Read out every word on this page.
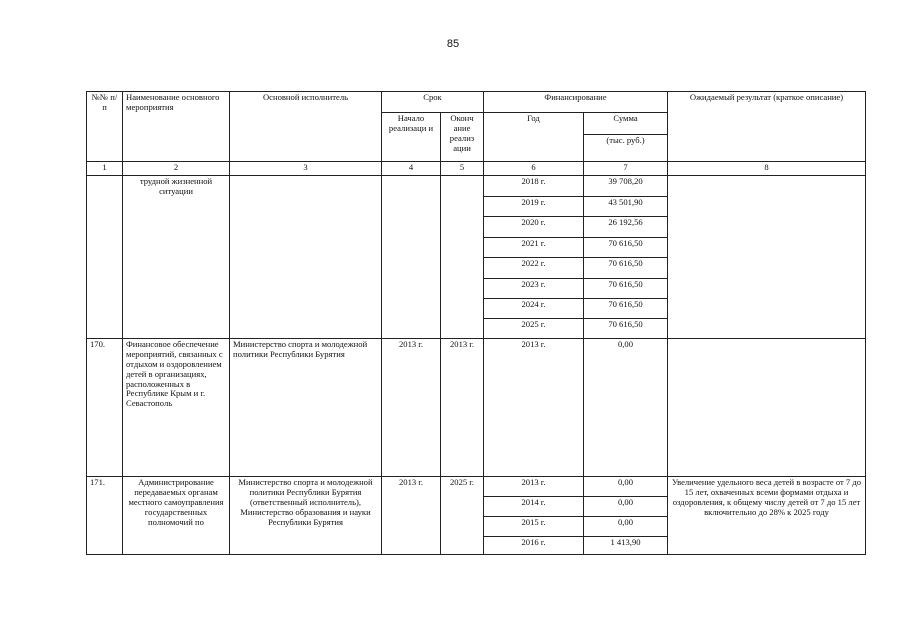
85
№№ п/п	Наименование основного мероприятия	Основной исполнитель	Срок		Финансирование		Ожидаемый результат (краткое описание)
			Начало реализаци и	Оконч ание реализ ации	Год	Сумма	
						(тыс. руб.)	
1	2	3	4	5	6	7	8
	трудной жизненной ситуации				2018 г.	39 708,20	
					2019 г.	43 501,90	
					2020 г.	26 192,56	
					2021 г.	70 616,50	
					2022 г.	70 616,50	
					2023 г.	70 616,50	
					2024 г.	70 616,50	
					2025 г.	70 616,50	
170.	Финансовое обеспечение мероприятий, связанных с отдыхом и оздоровлением детей в организациях, расположенных в Республике Крым и г. Севастополь	Министерство спорта и молодежной политики Республики Бурятия	2013 г.	2013 г.	2013 г.	0,00	
171.	Администрирование передаваемых органам местного самоуправления государственных полномочий по	Министерство спорта и молодежной политики Республики Бурятия (ответственный исполнитель), Министерство образования и науки Республики Бурятия	2013 г.	2025 г.	2013 г.	0,00	Увеличение удельного веса детей в возрасте от 7 до 15 лет, охваченных всеми формами отдыха и оздоровления, к общему числу детей от 7 до 15 лет включительно до 28% к 2025 году
					2014 г.	0,00	
					2015 г.	0,00	
					2016 г.	1 413,90	
